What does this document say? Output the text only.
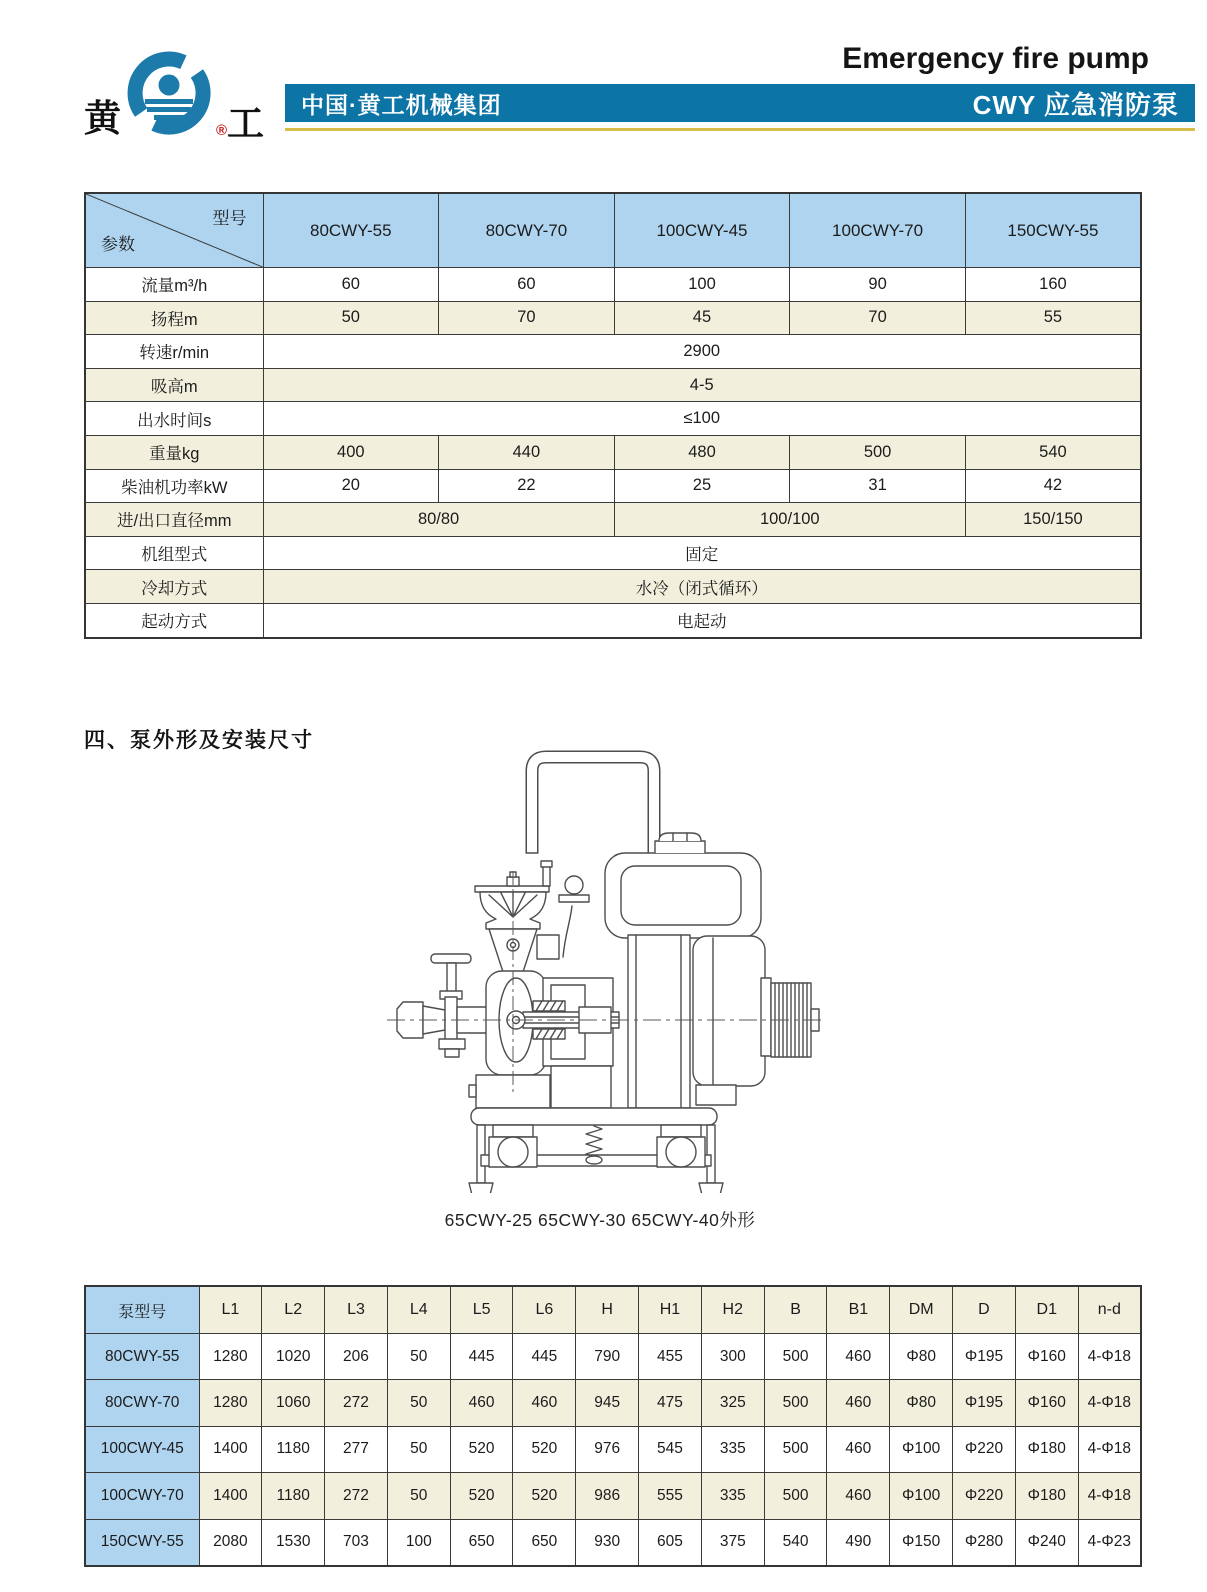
黄	工
®
Emergency fire pump
中国·黄工机械集团	CWY 应急消防泵
型号
参数	80CWY-55	80CWY-70	100CWY-45	100CWY-70	150CWY-55
流量m³/h	60	60	100	90	160
扬程m	50	70	45	70	55
转速r/min	2900				
吸高m	4-5				
出水时间s	≤100				
重量kg	400	440	480	500	540
柴油机功率kW	20	22	25	31	42
进/出口直径mm	80/80		100/100		150/150
机组型式	固定				
冷却方式	水冷（闭式循环）				
起动方式	电起动				
四、泵外形及安装尺寸
65CWY-25 65CWY-30 65CWY-40外形
泵型号	L1	L2	L3	L4	L5	L6	H	H1	H2	B	B1	DM	D	D1	n-d
80CWY-55	1280	1020	206	50	445	445	790	455	300	500	460	Φ80	Φ195	Φ160	4-Φ18
80CWY-70	1280	1060	272	50	460	460	945	475	325	500	460	Φ80	Φ195	Φ160	4-Φ18
100CWY-45	1400	1180	277	50	520	520	976	545	335	500	460	Φ100	Φ220	Φ180	4-Φ18
100CWY-70	1400	1180	272	50	520	520	986	555	335	500	460	Φ100	Φ220	Φ180	4-Φ18
150CWY-55	2080	1530	703	100	650	650	930	605	375	540	490	Φ150	Φ280	Φ240	4-Φ23
